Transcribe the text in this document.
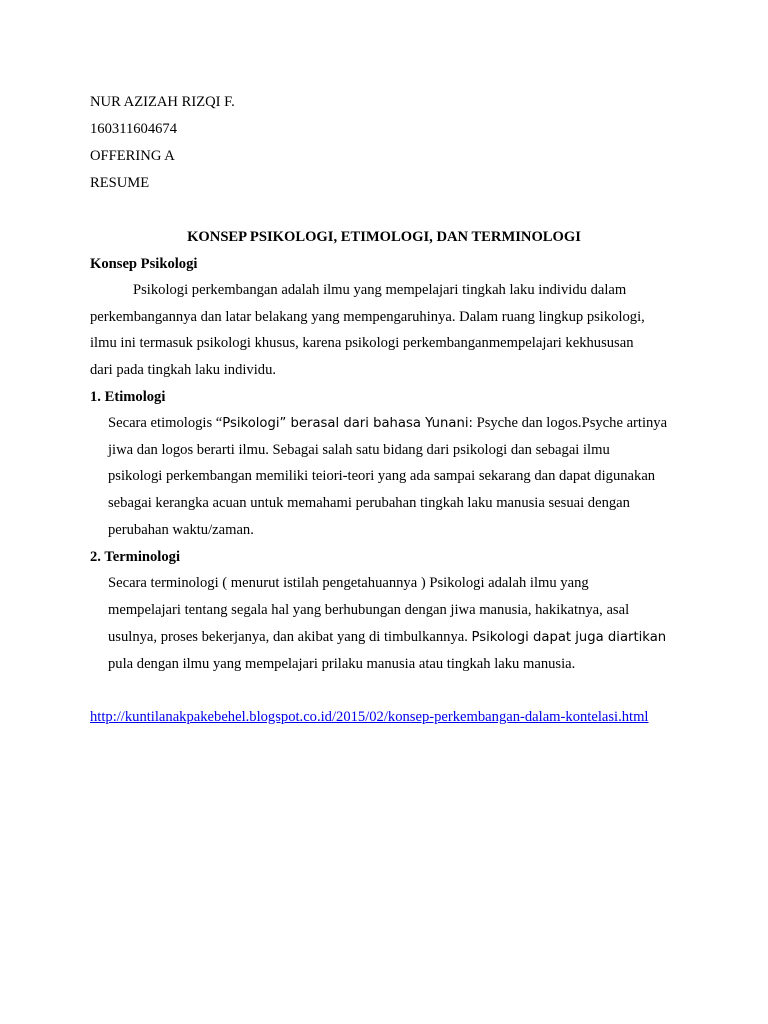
NUR AZIZAH RIZQI F.
160311604674
OFFERING A
RESUME
KONSEP PSIKOLOGI, ETIMOLOGI, DAN TERMINOLOGI
Konsep Psikologi
Psikologi perkembangan adalah ilmu yang mempelajari tingkah laku individu dalam
perkembangannya dan latar belakang yang mempengaruhinya. Dalam ruang lingkup psikologi,
ilmu ini termasuk psikologi khusus, karena psikologi perkembanganmempelajari kekhususan
dari pada tingkah laku individu.
1. Etimologi
Secara etimologis “Psikologi” berasal dari bahasa Yunani: Psyche dan logos.Psyche artinya
jiwa dan logos berarti ilmu. Sebagai salah satu bidang dari psikologi dan sebagai ilmu
psikologi perkembangan memiliki teiori-teori yang ada sampai sekarang dan dapat digunakan
sebagai kerangka acuan untuk memahami perubahan tingkah laku manusia sesuai dengan
perubahan waktu/zaman.
2. Terminologi
Secara terminologi ( menurut istilah pengetahuannya ) Psikologi adalah ilmu yang
mempelajari tentang segala hal yang berhubungan dengan jiwa manusia, hakikatnya, asal
usulnya, proses bekerjanya, dan akibat yang di timbulkannya. Psikologi dapat juga diartikan
pula dengan ilmu yang mempelajari prilaku manusia atau tingkah laku manusia.
http://kuntilanakpakebehel.blogspot.co.id/2015/02/konsep-perkembangan-dalam-kontelasi.html
